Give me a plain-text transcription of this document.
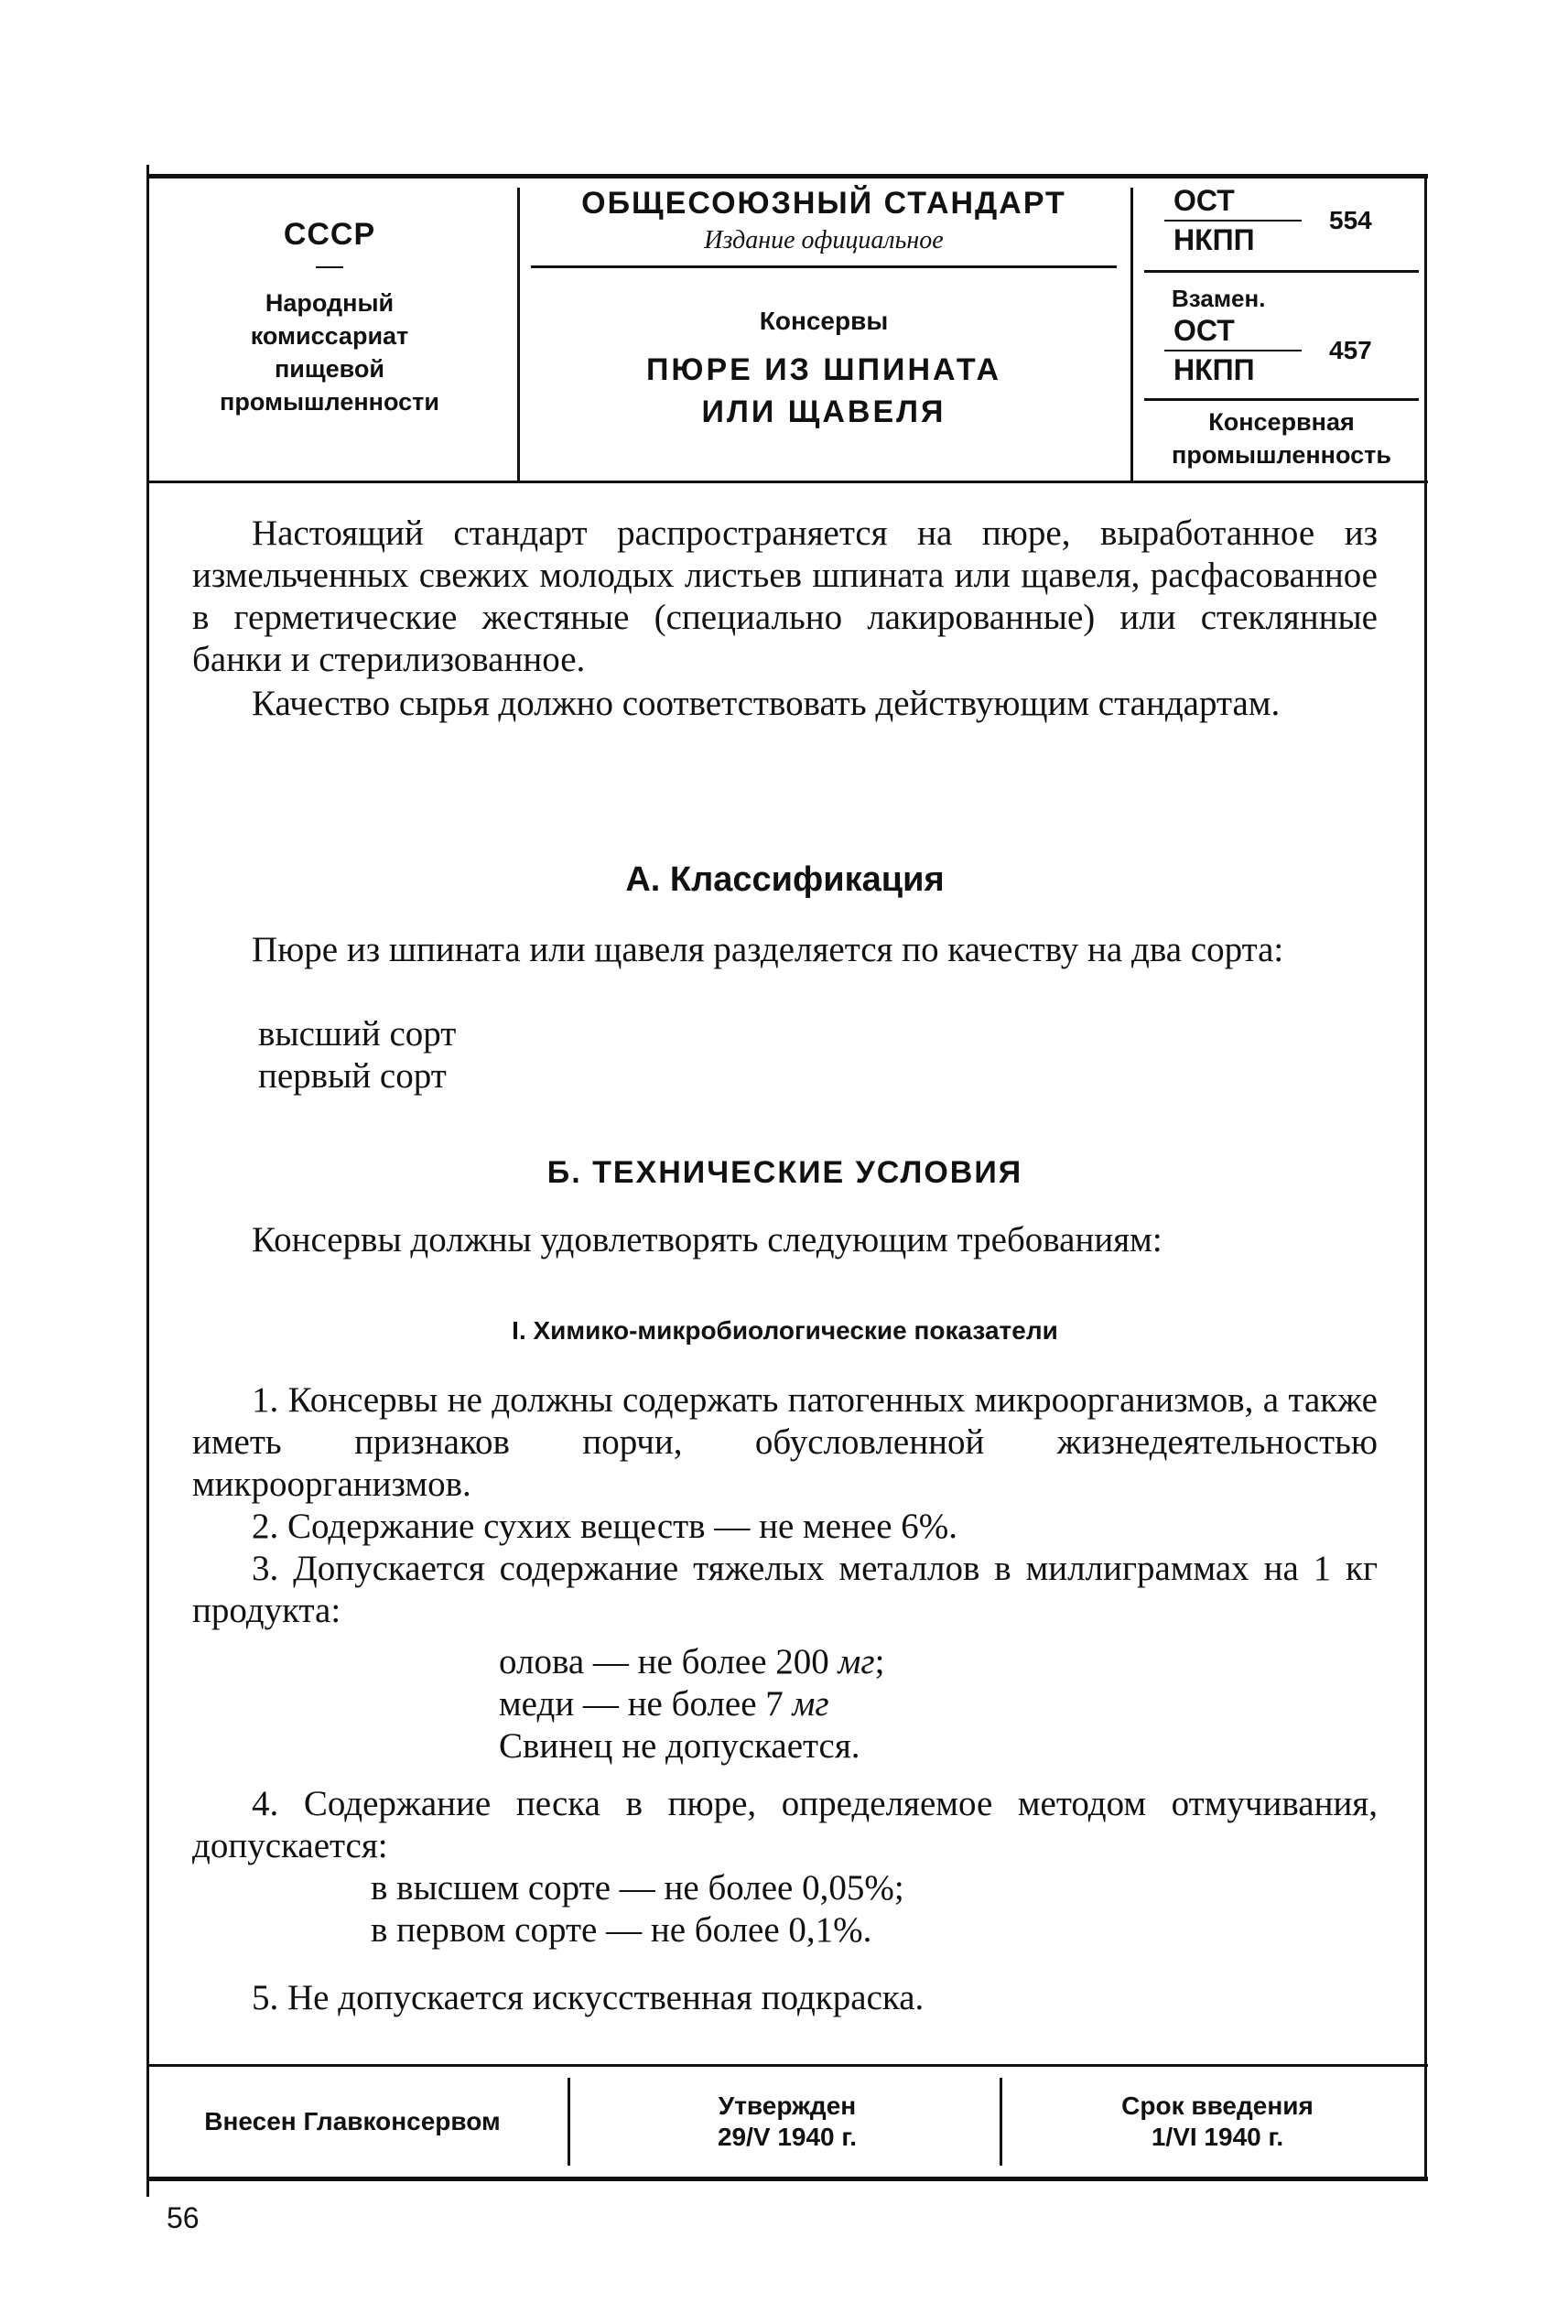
СССР
Народный
комиссариат
пищевой
промышленности
ОБЩЕСОЮЗНЫЙ СТАНДАРТ
Издание официальное
Консервы
ПЮРЕ ИЗ ШПИНАТА
ИЛИ ЩАВЕЛЯ
ОСТ
НКПП
554
Взамен.
ОСТ
НКПП
457
Консервная
промышленность

Настоящий стандарт распространяется на пюре, выработанное из измельченных свежих молодых листьев шпината или щавеля, расфасованное в герметические жестяные (специально лакированные) или стеклянные банки и стерилизованное.

Качество сырья должно соответствовать действующим стандартам.

А. Классификация

Пюре из шпината или щавеля разделяется по качеству на два сорта:

высший сорт
первый сорт
Б. ТЕХНИЧЕСКИЕ УСЛОВИЯ

Консервы должны удовлетворять следующим требованиям:

I. Химико-микробиологические показатели

1. Консервы не должны содержать патогенных микроорганизмов, а также иметь признаков порчи, обусловленной жизнедеятельностью микроорганизмов.

2. Содержание сухих веществ — не менее 6%.

3. Допускается содержание тяжелых металлов в миллиграммах на 1 кг продукта:

олова — не более 200 мг;
меди — не более 7 мг
Свинец не допускается.

4. Содержание песка в пюре, определяемое методом отмучивания, допускается:

в высшем сорте — не более 0,05%;
в первом сорте — не более 0,1%.

5. Не допускается искусственная подкраска.

Внесен Главконсервом
Утвержден
29/V 1940 г.
Срок введения
1/VI 1940 г.
56
